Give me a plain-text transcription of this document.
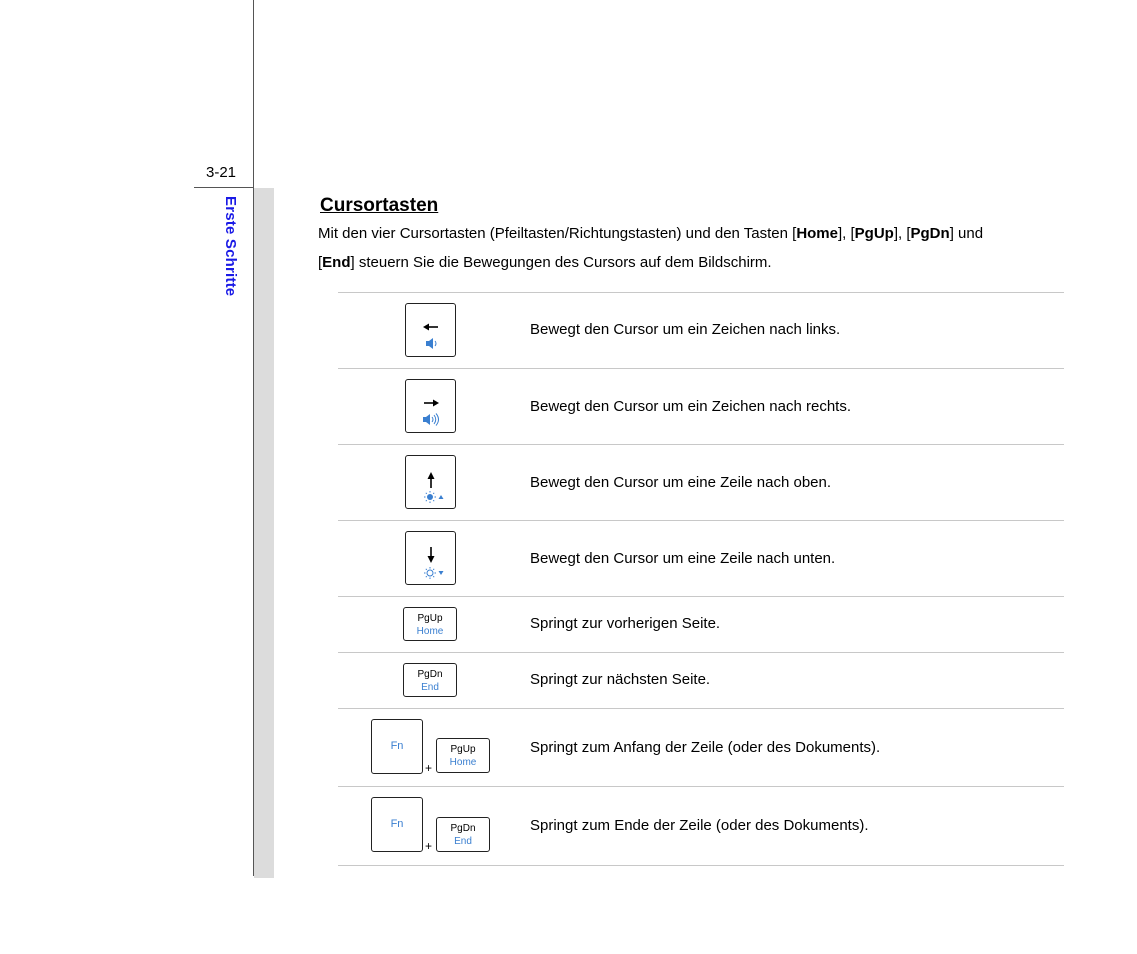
3-21
Erste Schritte	Cursortasten
Mit den vier Cursortasten (Pfeiltasten/Richtungstasten) und den Tasten [Home], [PgUp], [PgDn] und
[End] steuern Sie die Bewegungen des Cursors auf dem Bildschirm.
Bewegt den Cursor um ein Zeichen nach links.
Bewegt den Cursor um ein Zeichen nach rechts.
Bewegt den Cursor um eine Zeile nach oben.
Bewegt den Cursor um eine Zeile nach unten.
PgUp
Home	Springt zur vorherigen Seite.
PgDn
End	Springt zur nächsten Seite.
Fn
+
PgUp
Home
Springt zum Anfang der Zeile (oder des Dokuments).
Fn
+
PgDn
End
Springt zum Ende der Zeile (oder des Dokuments).
